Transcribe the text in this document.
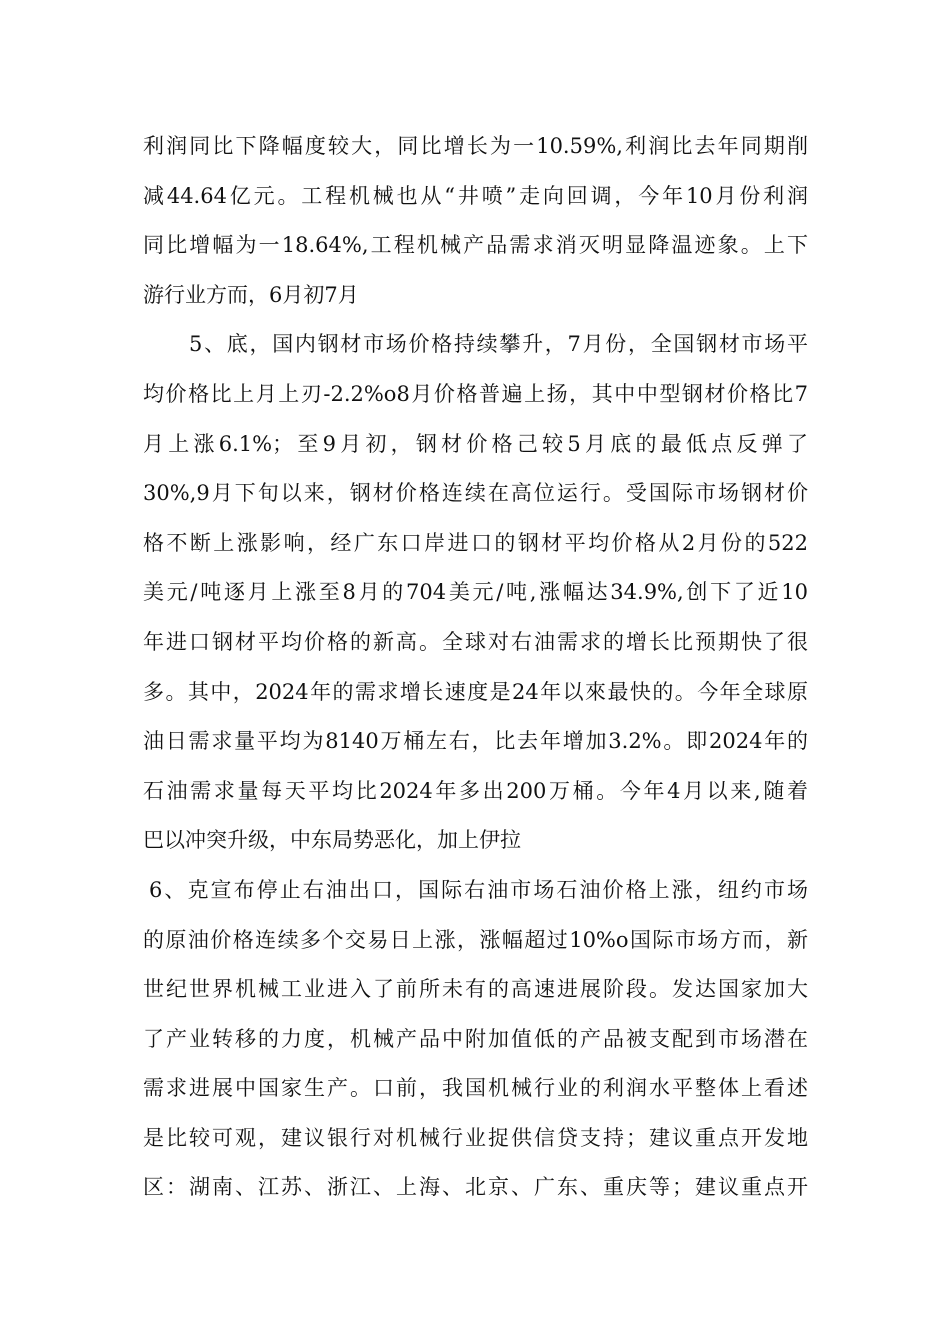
利润同比下降幅度较大，同比增长为一10.59%,利润比去年同期削
减44.64亿元。工程机械也从“井喷”走向回调，今年10月份利润
同比增幅为一18.64%,工程机械产品需求消灭明显降温迹象。上下
游行业方而，6月初7月
5、底，国内钢材市场价格持续攀升，7月份，全国钢材市场平
均价格比上月上刃-2.2%o8月价格普遍上扬，其中中型钢材价格比7
月上涨6.1%；至9月初，钢材价格己较5月底的最低点反弹了
30%,9月下旬以来，钢材价格连续在高位运行。受国际市场钢材价
格不断上涨影响，经广东口岸进口的钢材平均价格从2月份的522
美元/吨逐月上涨至8月的704美元/吨,涨幅达34.9%,创下了近10
年进口钢材平均价格的新高。全球对右油需求的增长比预期快了很
多。其中，2024年的需求增长速度是24年以來最快的。今年全球原
油日需求量平均为8140万桶左右，比去年增加3.2%。即2024年的
石油需求量每天平均比2024年多出200万桶。今年4月以来,随着
巴以冲突升级，中东局势恶化，加上伊拉
6、克宣布停止右油出口，国际右油市场石油价格上涨，纽约市场
的原油价格连续多个交易日上涨，涨幅超过10%o国际市场方而，新
世纪世界机械工业进入了前所未有的高速进展阶段。发达国家加大
了产业转移的力度，机械产品中附加值低的产品被支配到市场潜在
需求进展中国家生产。口前，我国机械行业的利润水平整体上看述
是比较可观，建议银行对机械行业捉供信贷支持；建议重点开发地
区：湖南、江苏、浙江、上海、北京、广东、重庆等；建议重点开
